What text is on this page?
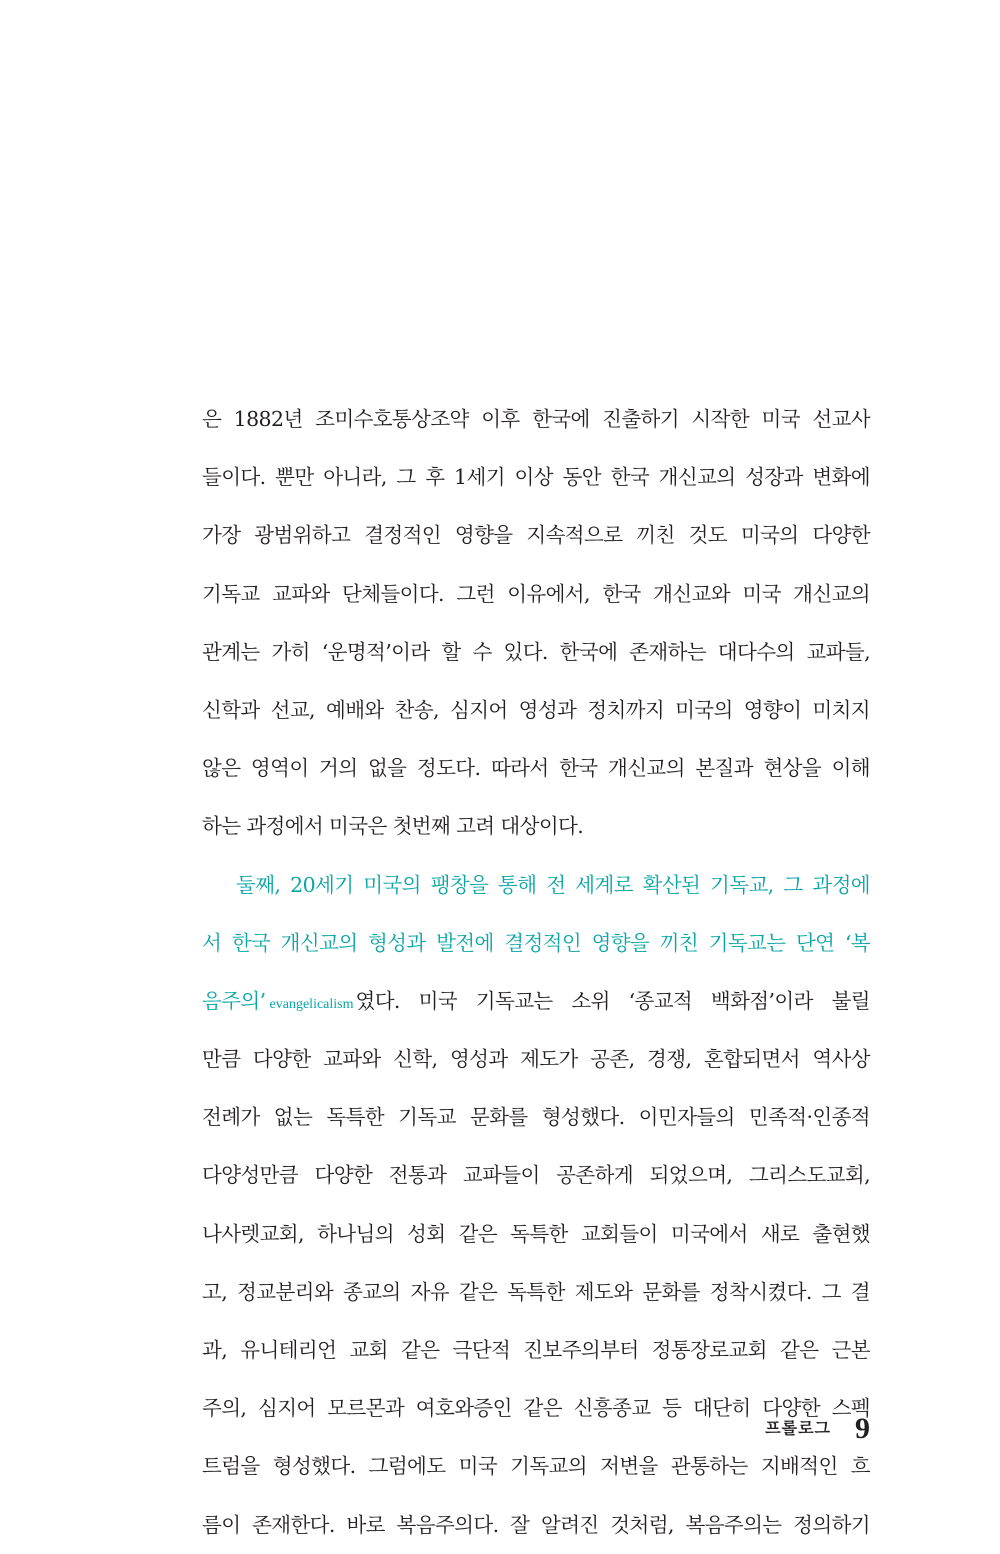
은 1882년 조미수호통상조약 이후 한국에 진출하기 시작한 미국 선교사
들이다. 뿐만 아니라, 그 후 1세기 이상 동안 한국 개신교의 성장과 변화에
가장 광범위하고 결정적인 영향을 지속적으로 끼친 것도 미국의 다양한
기독교 교파와 단체들이다. 그런 이유에서, 한국 개신교와 미국 개신교의
관계는 가히 ‘운명적’이라 할 수 있다. 한국에 존재하는 대다수의 교파들,
신학과 선교, 예배와 찬송, 심지어 영성과 정치까지 미국의 영향이 미치지
않은 영역이 거의 없을 정도다. 따라서 한국 개신교의 본질과 현상을 이해
하는 과정에서 미국은 첫번째 고려 대상이다.
둘째, 20세기 미국의 팽창을 통해 전 세계로 확산된 기독교, 그 과정에
서 한국 개신교의 형성과 발전에 결정적인 영향을 끼친 기독교는 단연 ‘복
음주의’ evangelicalism였다. 미국 기독교는 소위 ‘종교적 백화점’이라 불릴
만큼 다양한 교파와 신학, 영성과 제도가 공존, 경쟁, 혼합되면서 역사상
전례가 없는 독특한 기독교 문화를 형성했다. 이민자들의 민족적·인종적
다양성만큼 다양한 전통과 교파들이 공존하게 되었으며, 그리스도교회,
나사렛교회, 하나님의 성회 같은 독특한 교회들이 미국에서 새로 출현했
고, 정교분리와 종교의 자유 같은 독특한 제도와 문화를 정착시켰다. 그 결
과, 유니테리언 교회 같은 극단적 진보주의부터 정통장로교회 같은 근본
주의, 심지어 모르몬과 여호와증인 같은 신흥종교 등 대단히 다양한 스펙
트럼을 형성했다. 그럼에도 미국 기독교의 저변을 관통하는 지배적인 흐
름이 존재한다. 바로 복음주의다. 잘 알려진 것처럼, 복음주의는 정의하기
프롤로그 9
